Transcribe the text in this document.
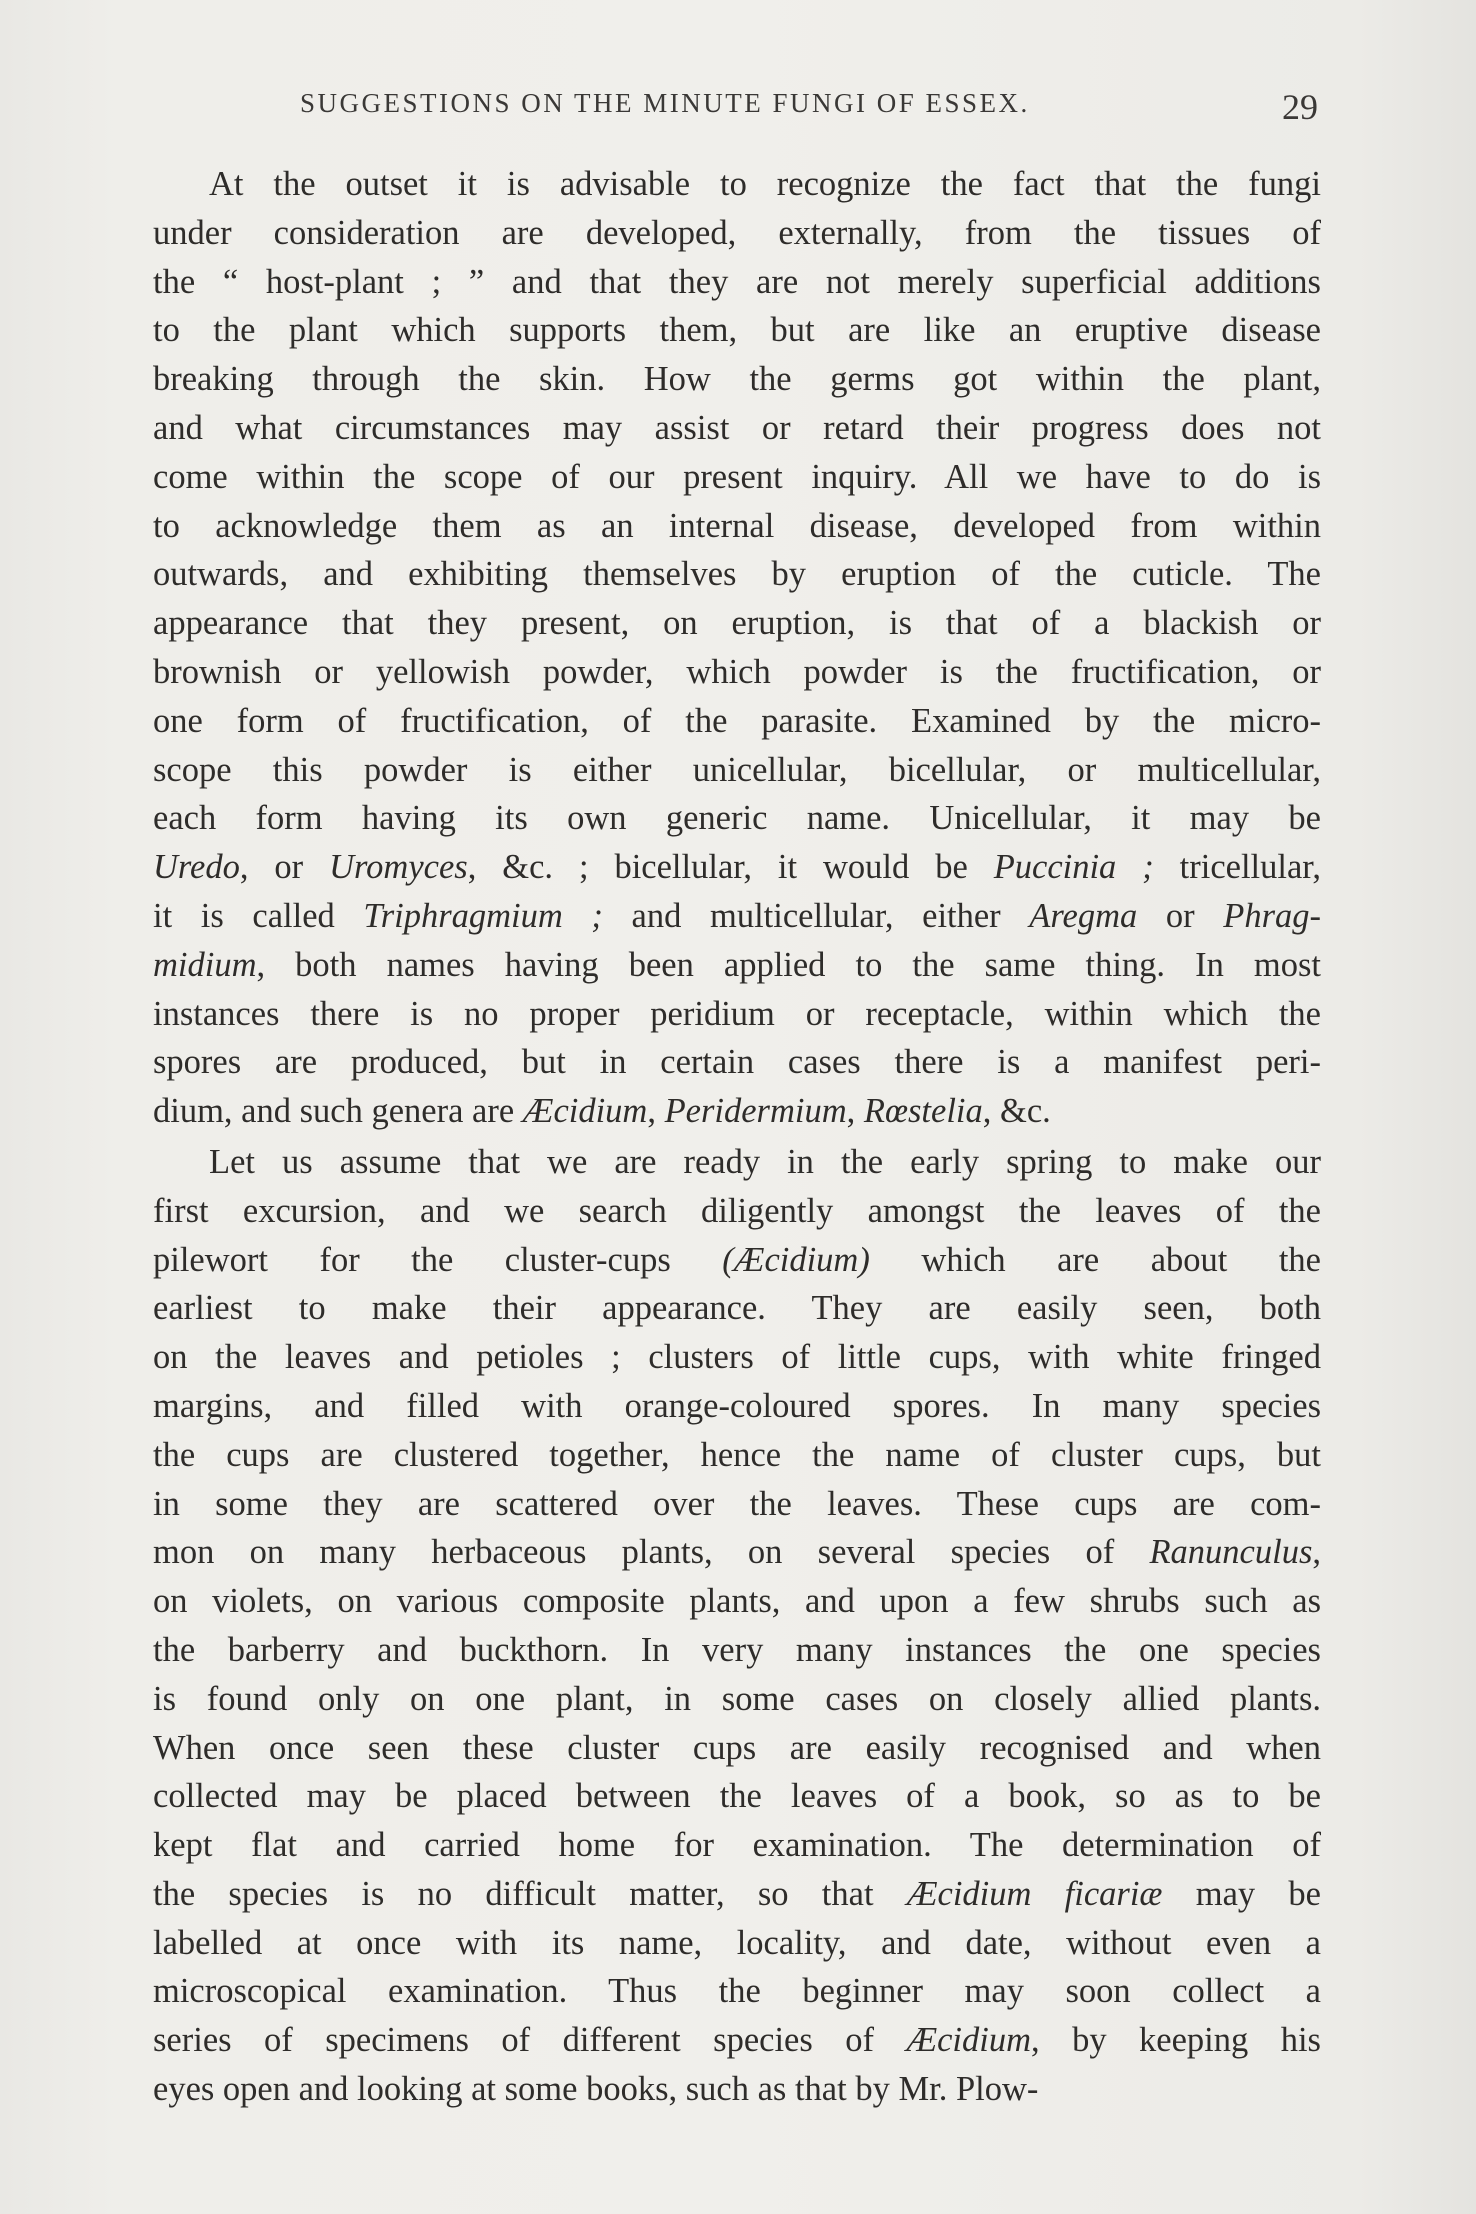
SUGGESTIONS ON THE MINUTE FUNGI OF ESSEX.	29
At the outset it is advisable to recognize the fact that the fungi
under consideration are developed, externally, from the tissues of
the “ host-plant ; ” and that they are not merely superficial additions
to the plant which supports them, but are like an eruptive disease
breaking through the skin. How the germs got within the plant,
and what circumstances may assist or retard their progress does not
come within the scope of our present inquiry. All we have to do is
to acknowledge them as an internal disease, developed from within
outwards, and exhibiting themselves by eruption of the cuticle. The
appearance that they present, on eruption, is that of a blackish or
brownish or yellowish powder, which powder is the fructification, or
one form of fructification, of the parasite. Examined by the micro-
scope this powder is either unicellular, bicellular, or multicellular,
each form having its own generic name. Unicellular, it may be
Uredo, or Uromyces, &c. ; bicellular, it would be Puccinia ; tricellular,
it is called Triphragmium ; and multicellular, either Aregma or Phrag-
midium, both names having been applied to the same thing. In most
instances there is no proper peridium or receptacle, within which the
spores are produced, but in certain cases there is a manifest peri-
dium, and such genera are Æcidium, Peridermium, Rœstelia, &c.
Let us assume that we are ready in the early spring to make our
first excursion, and we search diligently amongst the leaves of the
pilewort for the cluster-cups (Æcidium) which are about the
earliest to make their appearance. They are easily seen, both
on the leaves and petioles ; clusters of little cups, with white fringed
margins, and filled with orange-coloured spores. In many species
the cups are clustered together, hence the name of cluster cups, but
in some they are scattered over the leaves. These cups are com-
mon on many herbaceous plants, on several species of Ranunculus,
on violets, on various composite plants, and upon a few shrubs such as
the barberry and buckthorn. In very many instances the one species
is found only on one plant, in some cases on closely allied plants.
When once seen these cluster cups are easily recognised and when
collected may be placed between the leaves of a book, so as to be
kept flat and carried home for examination. The determination of
the species is no difficult matter, so that Æcidium ficariæ may be
labelled at once with its name, locality, and date, without even a
microscopical examination. Thus the beginner may soon collect a
series of specimens of different species of Æcidium, by keeping his
eyes open and looking at some books, such as that by Mr. Plow-
